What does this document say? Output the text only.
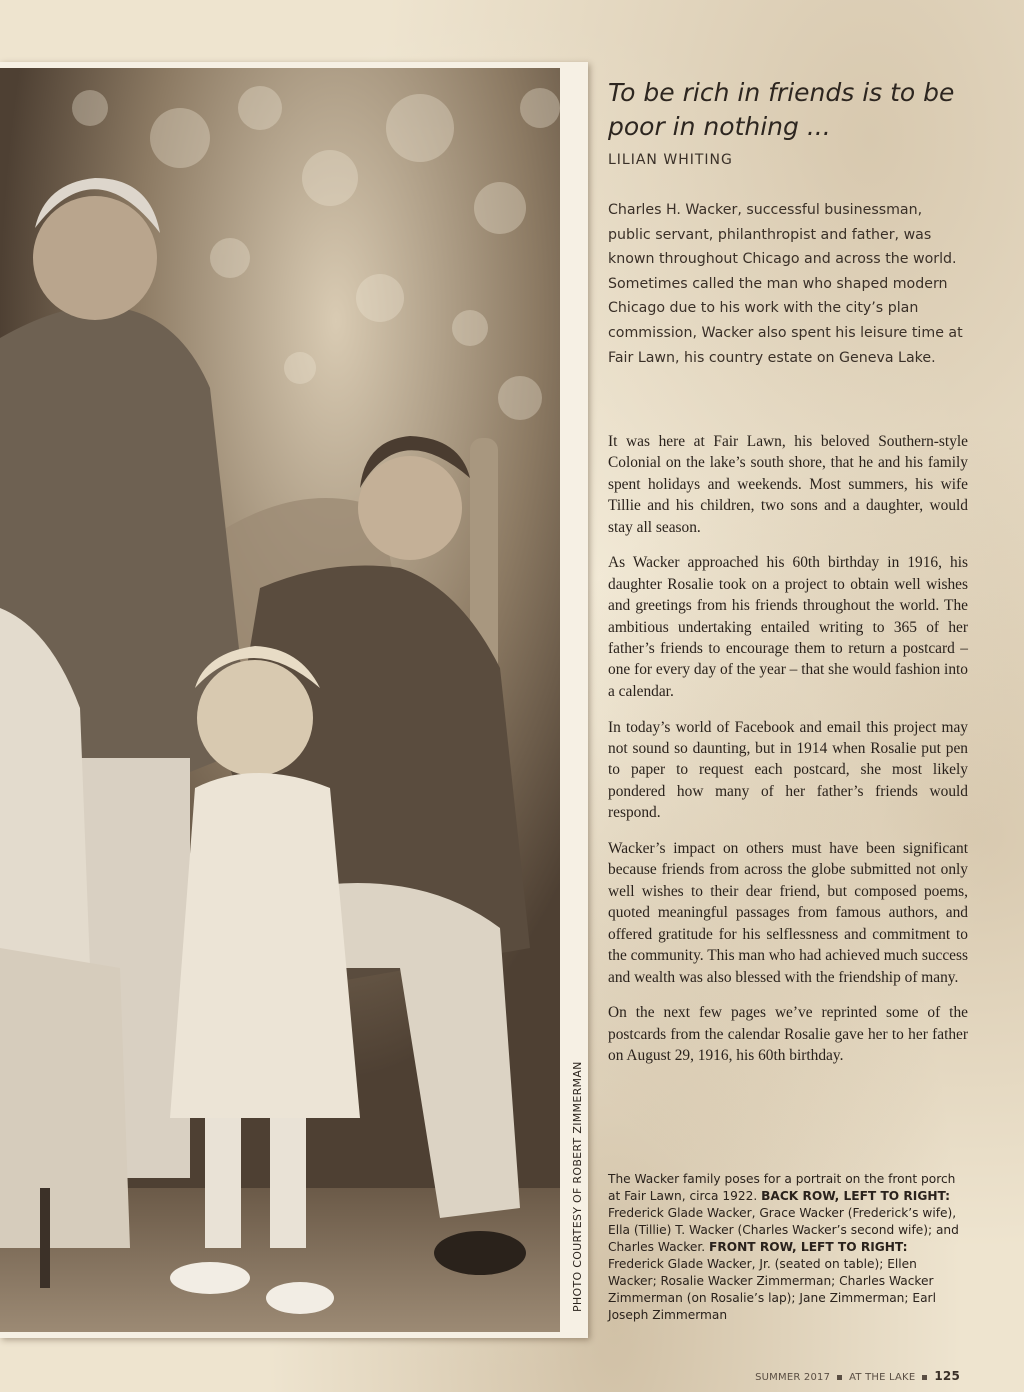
PHOTO COURTESY OF ROBERT ZIMMERMAN
To be rich in friends is to be poor in nothing ...
LILIAN WHITING

Charles H. Wacker, successful businessman, public servant, philanthropist and father, was known throughout Chicago and across the world. Sometimes called the man who shaped modern Chicago due to his work with the city’s plan commission, Wacker also spent his leisure time at Fair Lawn, his country estate on Geneva Lake.

It was here at Fair Lawn, his beloved Southern-style Colonial on the lake’s south shore, that he and his family spent holidays and weekends. Most summers, his wife Tillie and his children, two sons and a daughter, would stay all season.

As Wacker approached his 60th birthday in 1916, his daughter Rosalie took on a project to obtain well wishes and greetings from his friends throughout the world. The ambitious undertaking entailed writing to 365 of her father’s friends to encourage them to return a postcard – one for every day of the year – that she would fashion into a calendar.

In today’s world of Facebook and email this project may not sound so daunting, but in 1914 when Rosalie put pen to paper to request each postcard, she most likely pondered how many of her father’s friends would respond.

Wacker’s impact on others must have been significant because friends from across the globe submitted not only well wishes to their dear friend, but composed poems, quoted meaningful passages from famous authors, and offered gratitude for his selflessness and commitment to the community. This man who had achieved much success and wealth was also blessed with the friendship of many.

On the next few pages we’ve reprinted some of the postcards from the calendar Rosalie gave her to her father on August 29, 1916, his 60th birthday.

The Wacker family poses for a portrait on the front porch at Fair Lawn, circa 1922. BACK ROW, LEFT TO RIGHT: Frederick Glade Wacker, Grace Wacker (Frederick’s wife), Ella (Tillie) T. Wacker (Charles Wacker’s second wife); and Charles Wacker. FRONT ROW, LEFT TO RIGHT: Frederick Glade Wacker, Jr. (seated on table); Ellen Wacker; Rosalie Wacker Zimmerman; Charles Wacker Zimmerman (on Rosalie’s lap); Jane Zimmerman; Earl Joseph Zimmerman

SUMMER 2017 AT THE LAKE 125
